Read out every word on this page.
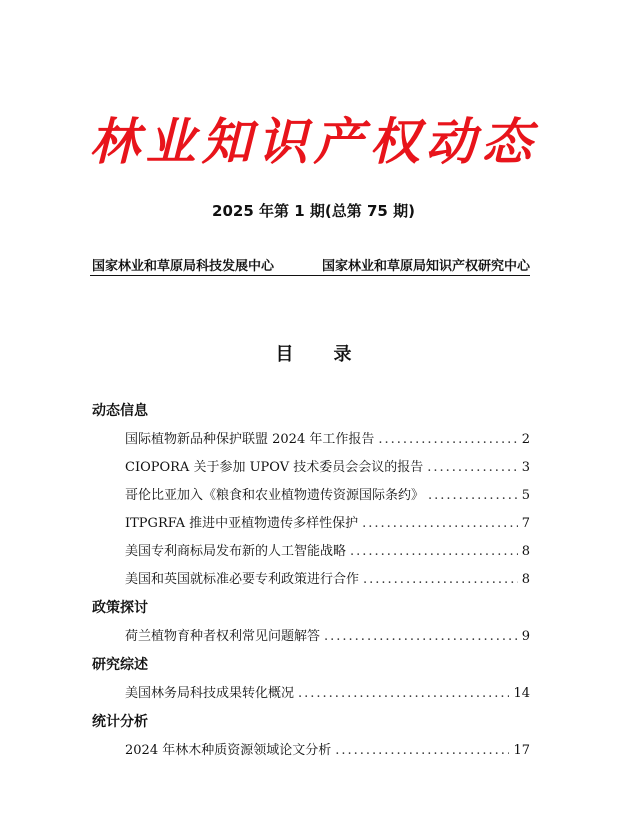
林业知识产权动态
2025 年第 1 期(总第 75 期)
国家林业和草原局科技发展中心	国家林业和草原局知识产权研究中心
目录
动态信息
国际植物新品种保护联盟 2024 年工作报告 .....	2
CIOPORA 关于参加 UPOV 技术委员会会议的报告 .....	3
哥伦比亚加入《粮食和农业植物遗传资源国际条约》 .....	5
ITPGRFA 推进中亚植物遗传多样性保护 .....	7
美国专利商标局发布新的人工智能战略 .....	8
美国和英国就标准必要专利政策进行合作 .....	8
政策探讨
荷兰植物育种者权利常见问题解答 .....	9
研究综述
美国林务局科技成果转化概况 .....	14
统计分析
2024 年林木种质资源领域论文分析 .....	17
